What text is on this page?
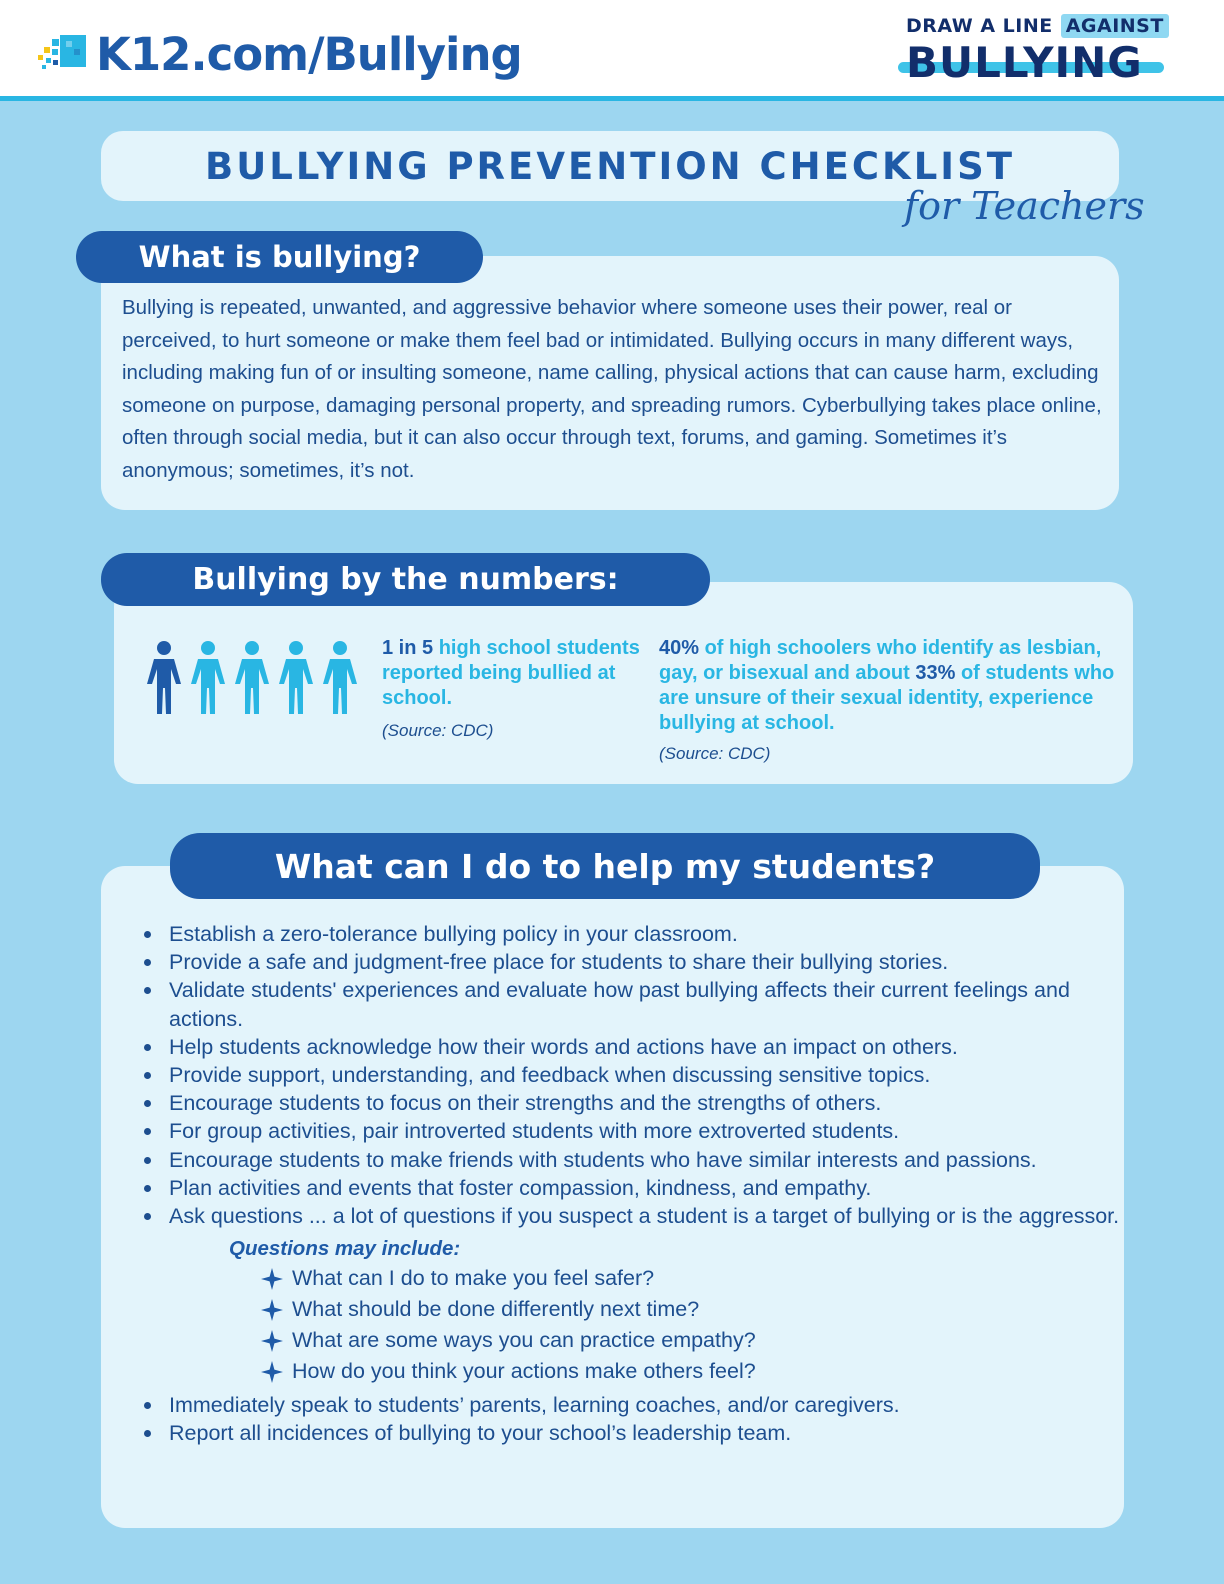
K12.com/Bullying
DRAW A LINE AGAINST
BULLYING
BULLYING PREVENTION CHECKLIST
for Teachers
What is bullying?

Bullying is repeated, unwanted, and aggressive behavior where someone uses their power, real or perceived, to hurt someone or make them feel bad or intimidated. Bullying occurs in many different ways, including making fun of or insulting someone, name calling, physical actions that can cause harm, excluding someone on purpose, damaging personal property, and spreading rumors. Cyberbullying takes place online, often through social media, but it can also occur through text, forums, and gaming. Sometimes it’s anonymous; sometimes, it’s not.

Bullying by the numbers:
1 in 5 high school students reported being bullied at school.
(Source: CDC)
40% of high schoolers who identify as lesbian, gay, or bisexual and about 33% of students who are unsure of their sexual identity, experience bullying at school.
(Source: CDC)
What can I do to help my students?
Establish a zero-tolerance bullying policy in your classroom.
Provide a safe and judgment-free place for students to share their bullying stories.
Validate students' experiences and evaluate how past bullying affects their current feelings and actions.
Help students acknowledge how their words and actions have an impact on others.
Provide support, understanding, and feedback when discussing sensitive topics.
Encourage students to focus on their strengths and the strengths of others.
For group activities, pair introverted students with more extroverted students.
Encourage students to make friends with students who have similar interests and passions.
Plan activities and events that foster compassion, kindness, and empathy.
Ask questions ... a lot of questions if you suspect a student is a target of bullying or is the aggressor.
Questions may include:
What can I do to make you feel safer?
What should be done differently next time?
What are some ways you can practice empathy?
How do you think your actions make others feel?
Immediately speak to students’ parents, learning coaches, and/or caregivers.
Report all incidences of bullying to your school’s leadership team.
